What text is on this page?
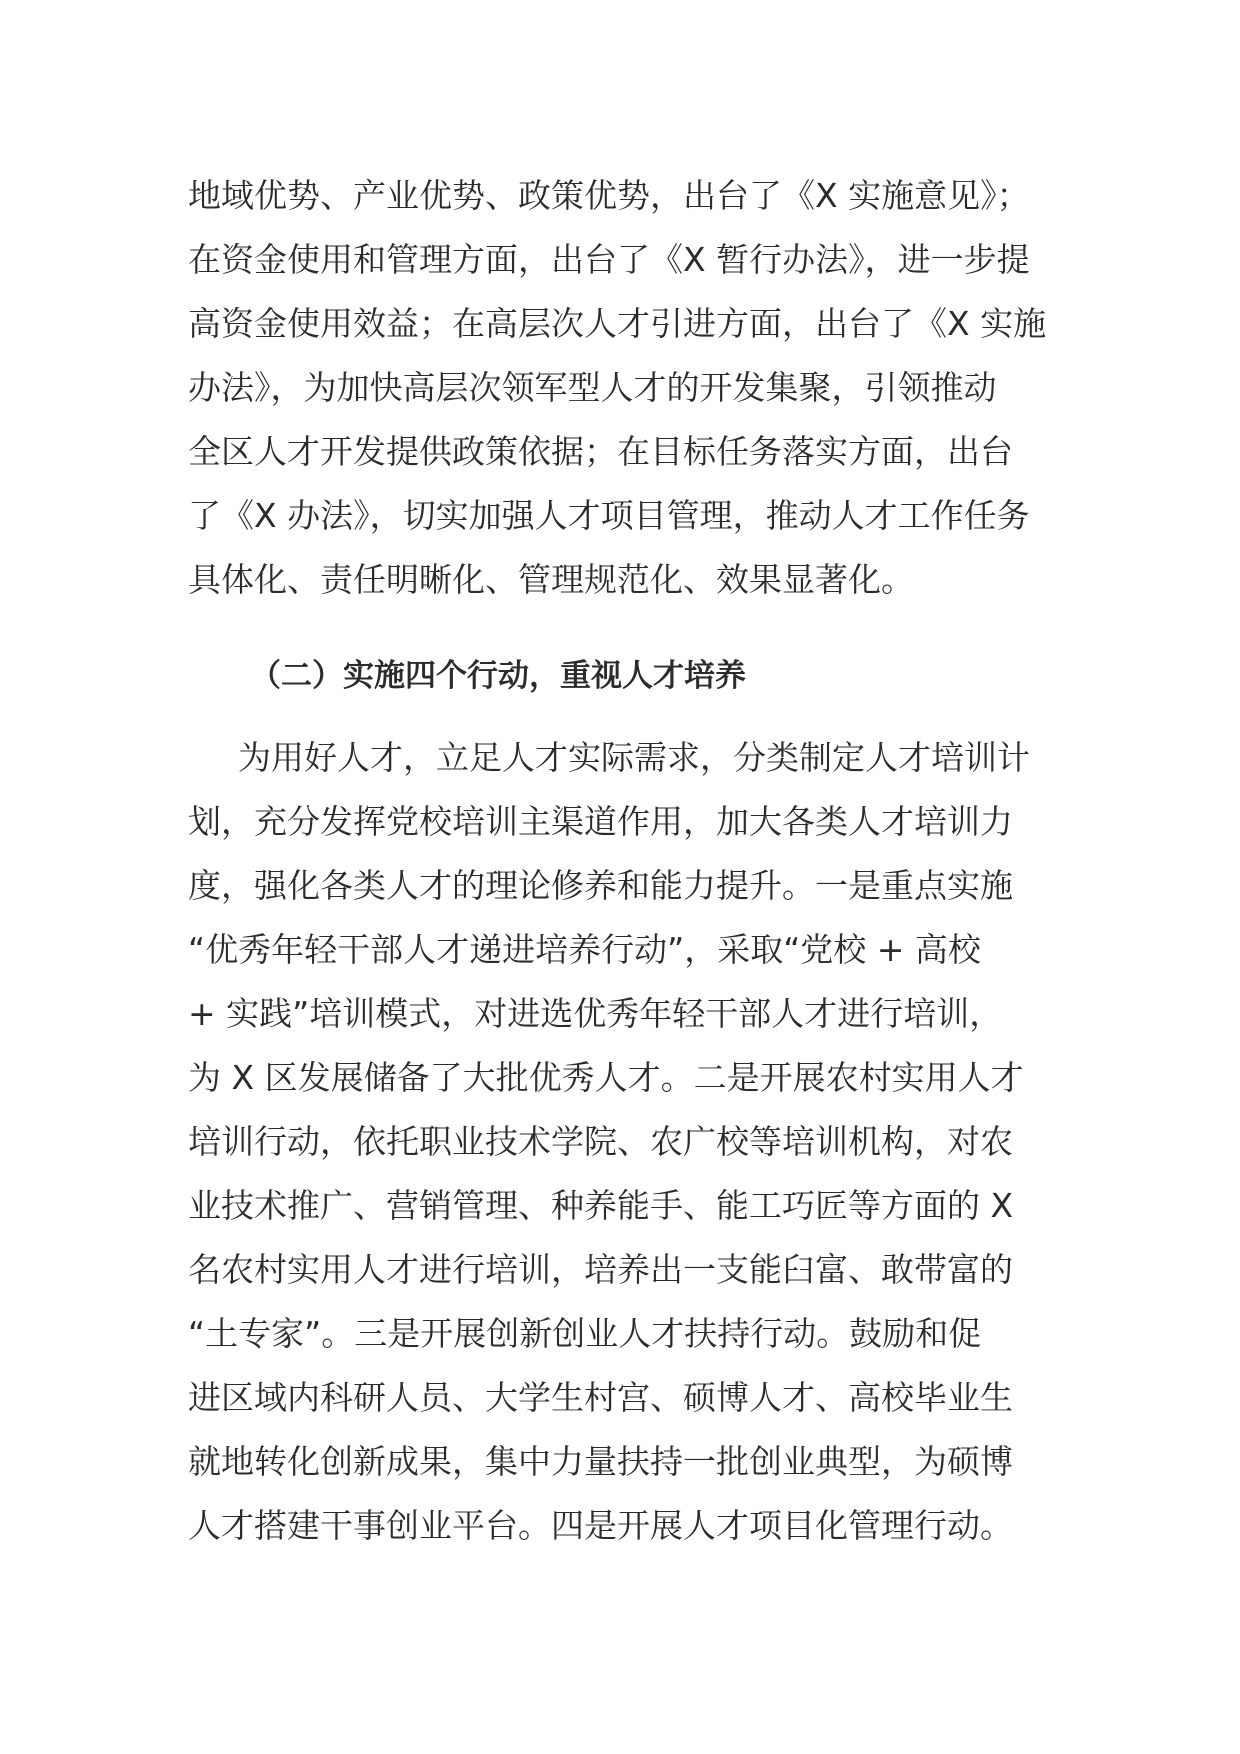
地域优势、产业优势、政策优势，出台了《X 实施意见》；
在资金使用和管理方面，出台了《X 暂行办法》，进一步提
高资金使用效益；在高层次人才引进方面，出台了《X 实施
办法》，为加快高层次领军型人才的开发集聚，引领推动
全区人才开发提供政策依据；在目标任务落实方面，出台
了《X 办法》，切实加强人才项目管理，推动人才工作任务
具体化、责任明晰化、管理规范化、效果显著化。
（二）实施四个行动，重视人才培养
为用好人才，立足人才实际需求，分类制定人才培训计
划，充分发挥党校培训主渠道作用，加大各类人才培训力
度，强化各类人才的理论修养和能力提升。一是重点实施
“优秀年轻干部人才递进培养行动”，采取“党校 + 高校
+ 实践”培训模式，对进选优秀年轻干部人才进行培训，
为 X 区发展储备了大批优秀人才。二是开展农村实用人才
培训行动，依托职业技术学院、农广校等培训机构，对农
业技术推广、营销管理、种养能手、能工巧匠等方面的 X
名农村实用人才进行培训，培养出一支能臼富、敢带富的
“土专家”。三是开展创新创业人才扶持行动。鼓励和促
进区域内科研人员、大学生村宫、硕博人才、高校毕业生
就地转化创新成果，集中力量扶持一批创业典型，为硕博
人才搭建干事创业平台。四是开展人才项目化管理行动。
